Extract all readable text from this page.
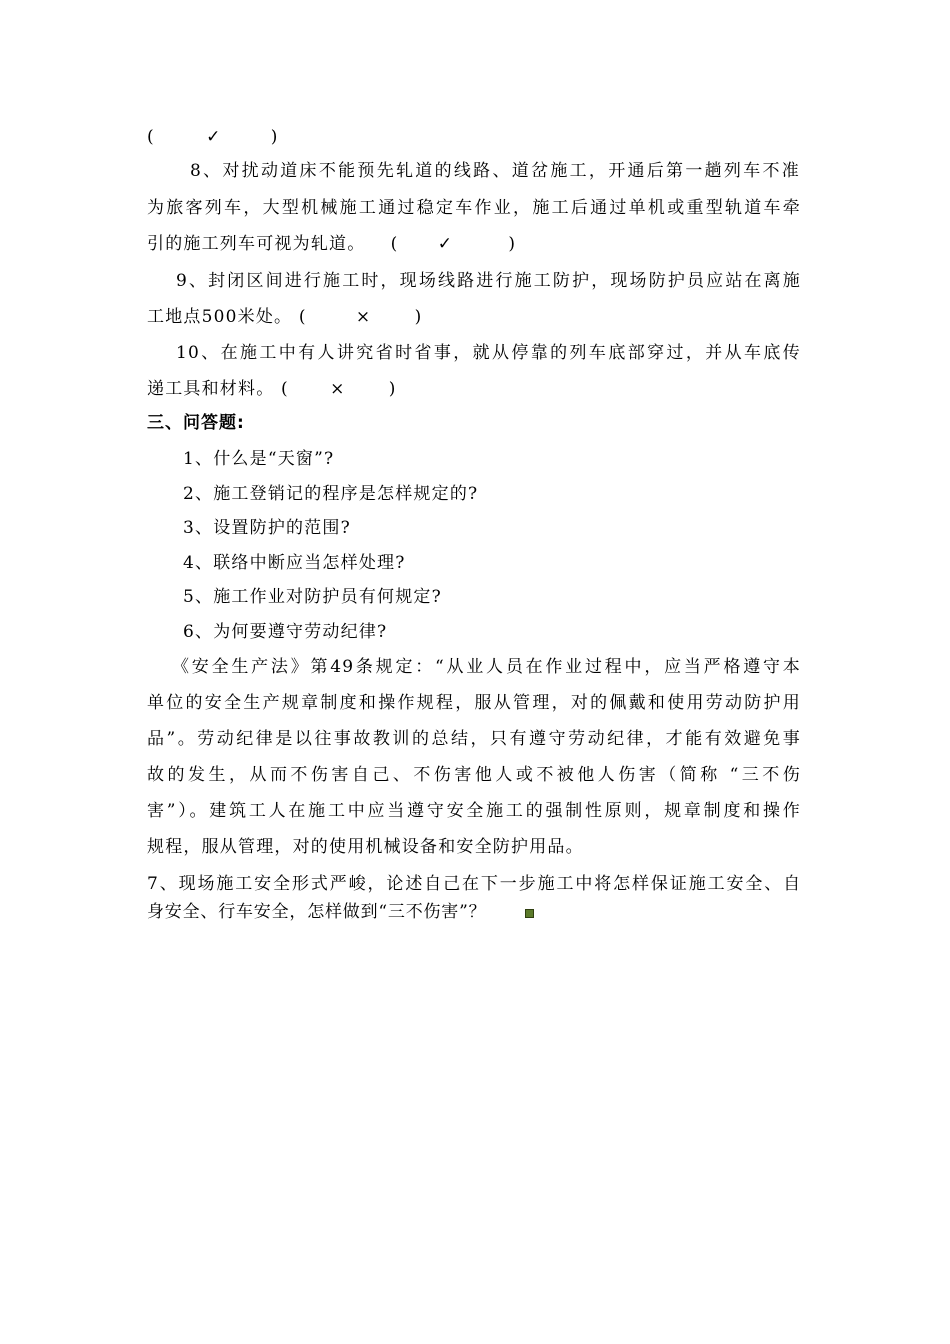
(	✓	)
8、对扰动道床不能预先轧道的线路、道岔施工，开通后第一趟列车不准
为旅客列车，大型机械施工通过稳定车作业，施工后通过单机或重型轨道车牵
引的施工列车可视为轧道。 ( ✓	)
9、封闭区间进行施工时，现场线路进行施工防护，现场防护员应站在离施
工地点500米处。 (	×	)
10、在施工中有人讲究省时省事，就从停靠的列车底部穿过，并从车底传
递工具和材料。 ( ×	)
三、问答题:
1、什么是“天窗”?
2、施工登销记的程序是怎样规定的?
3、设置防护的范围?
4、联络中断应当怎样处理?
5、施工作业对防护员有何规定?
6、为何要遵守劳动纪律?
《安全生产法》第49条规定：“从业人员在作业过程中，应当严格遵守本
单位的安全生产规章制度和操作规程，服从管理，对的佩戴和使用劳动防护用
品”。劳动纪律是以往事故教训的总结，只有遵守劳动纪律，才能有效避免事
故的发生，从而不伤害自己、不伤害他人或不被他人伤害（简称 “三不伤
害”）。建筑工人在施工中应当遵守安全施工的强制性原则，规章制度和操作
规程，服从管理，对的使用机械设备和安全防护用品。
7、现场施工安全形式严峻，论述自己在下一步施工中将怎样保证施工安全、自
身安全、行车安全，怎样做到“三不伤害”？
